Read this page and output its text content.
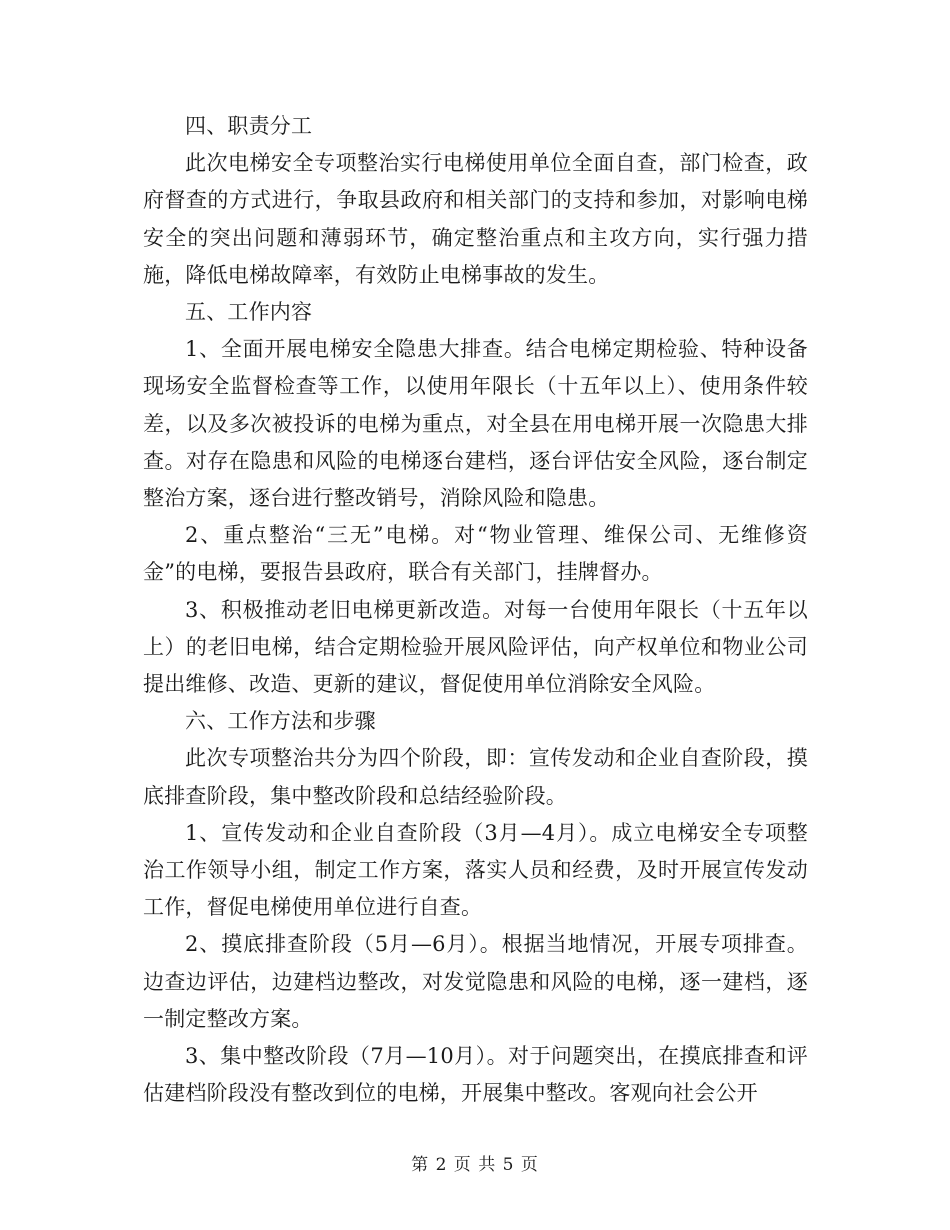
四、职责分工

此次电梯安全专项整治实行电梯使用单位全面自查，部门检查，政府督查的方式进行，争取县政府和相关部门的支持和参加，对影响电梯安全的突出问题和薄弱环节，确定整治重点和主攻方向，实行强力措施，降低电梯故障率，有效防止电梯事故的发生。

五、工作内容

1、全面开展电梯安全隐患大排查。结合电梯定期检验、特种设备现场安全监督检查等工作，以使用年限长（十五年以上）、使用条件较差，以及多次被投诉的电梯为重点，对全县在用电梯开展一次隐患大排查。对存在隐患和风险的电梯逐台建档，逐台评估安全风险，逐台制定整治方案，逐台进行整改销号，消除风险和隐患。

2、重点整治“三无”电梯。对“物业管理、维保公司、无维修资金”的电梯，要报告县政府，联合有关部门，挂牌督办。

3、积极推动老旧电梯更新改造。对每一台使用年限长（十五年以上）的老旧电梯，结合定期检验开展风险评估，向产权单位和物业公司提出维修、改造、更新的建议，督促使用单位消除安全风险。

六、工作方法和步骤

此次专项整治共分为四个阶段，即：宣传发动和企业自查阶段，摸底排查阶段，集中整改阶段和总结经验阶段。

1、宣传发动和企业自查阶段（3月—4月）。成立电梯安全专项整治工作领导小组，制定工作方案，落实人员和经费，及时开展宣传发动工作，督促电梯使用单位进行自查。

2、摸底排查阶段（5月—6月）。根据当地情况，开展专项排查。边查边评估，边建档边整改，对发觉隐患和风险的电梯，逐一建档，逐一制定整改方案。

3、集中整改阶段（7月—10月）。对于问题突出，在摸底排查和评估建档阶段没有整改到位的电梯，开展集中整改。客观向社会公开

第 2 页 共 5 页
